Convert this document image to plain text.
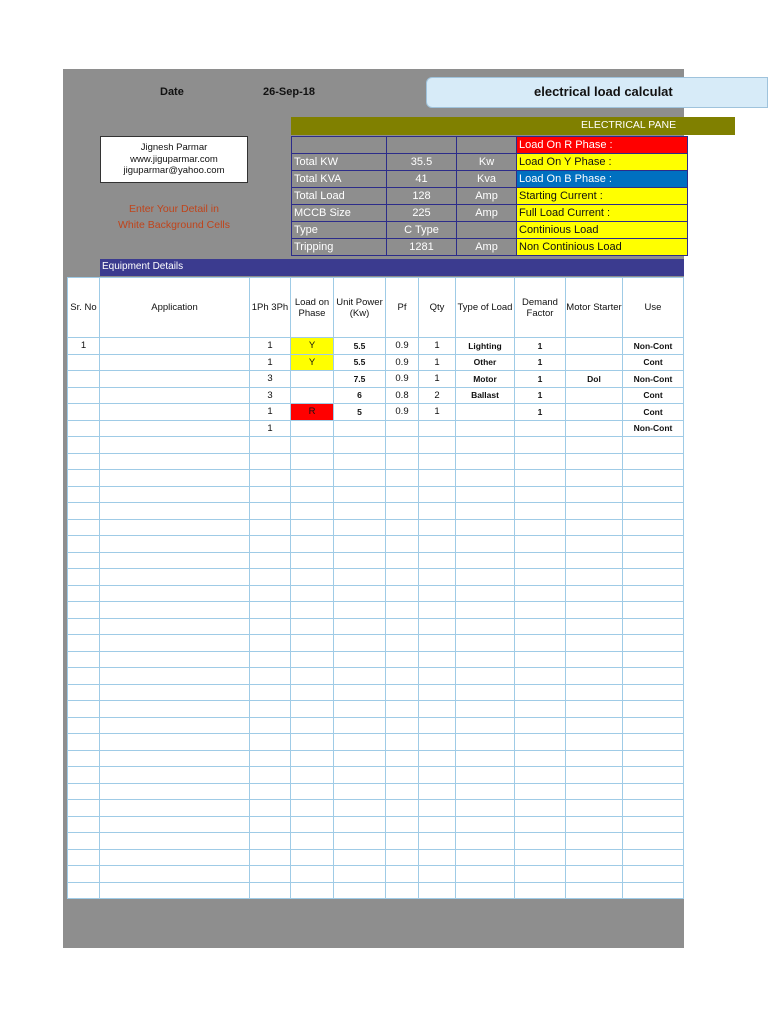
Date	26-Sep-18	electrical load calculat
Jignesh Parmar
www.jiguparmar.com
jiguparmar@yahoo.com
Enter Your Detail in
White Background Cells
ELECTRICAL PANE
			Load On R Phase :
Total KW	35.5	Kw	Load On Y Phase :
Total KVA	41	Kva	Load On B Phase :
Total Load	128	Amp	Starting Current :
MCCB Size	225	Amp	Full Load Current :
Type	C Type		Continious Load
Tripping	1281	Amp	Non Continious Load
Equipment Details
Sr. No	Application	1Ph 3Ph	Load on Phase	Unit Power (Kw)	Pf	Qty	Type of Load	Demand Factor	Motor Starter	Use
1		1	Y	5.5	0.9	1	Lighting	1		Non-Cont
		1	Y	5.5	0.9	1	Other	1		Cont
		3		7.5	0.9	1	Motor	1	Dol	Non-Cont
		3		6	0.8	2	Ballast	1		Cont
		1	R	5	0.9	1		1		Cont
		1								Non-Cont
